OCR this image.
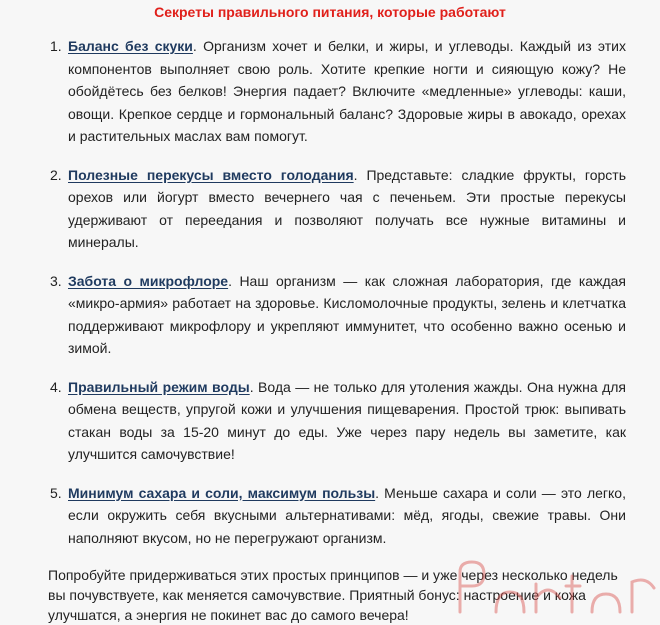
Секреты правильного питания, которые работают
1. Баланс без скуки. Организм хочет и белки, и жиры, и углеводы. Каждый из этих компонентов выполняет свою роль. Хотите крепкие ногти и сияющую кожу? Не обойдётесь без белков! Энергия падает? Включите «медленные» углеводы: каши, овощи. Крепкое сердце и гормональный баланс? Здоровые жиры в авокадо, орехах и растительных маслах вам помогут.
2. Полезные перекусы вместо голодания. Представьте: сладкие фрукты, горсть орехов или йогурт вместо вечернего чая с печеньем. Эти простые перекусы удерживают от переедания и позволяют получать все нужные витамины и минералы.
3. Забота о микрофлоре. Наш организм — как сложная лаборатория, где каждая «микро-армия» работает на здоровье. Кисломолочные продукты, зелень и клетчатка поддерживают микрофлору и укрепляют иммунитет, что особенно важно осенью и зимой.
4. Правильный режим воды. Вода — не только для утоления жажды. Она нужна для обмена веществ, упругой кожи и улучшения пищеварения. Простой трюк: выпивать стакан воды за 15-20 минут до еды. Уже через пару недель вы заметите, как улучшится самочувствие!
5. Минимум сахара и соли, максимум пользы. Меньше сахара и соли — это легко, если окружить себя вкусными альтернативами: мёд, ягоды, свежие травы. Они наполняют вкусом, но не перегружают организм.

Попробуйте придерживаться этих простых принципов — и уже через несколько недель вы почувствуете, как меняется самочувствие. Приятный бонус: настроение и кожа улучшатся, а энергия не покинет вас до самого вечера!
